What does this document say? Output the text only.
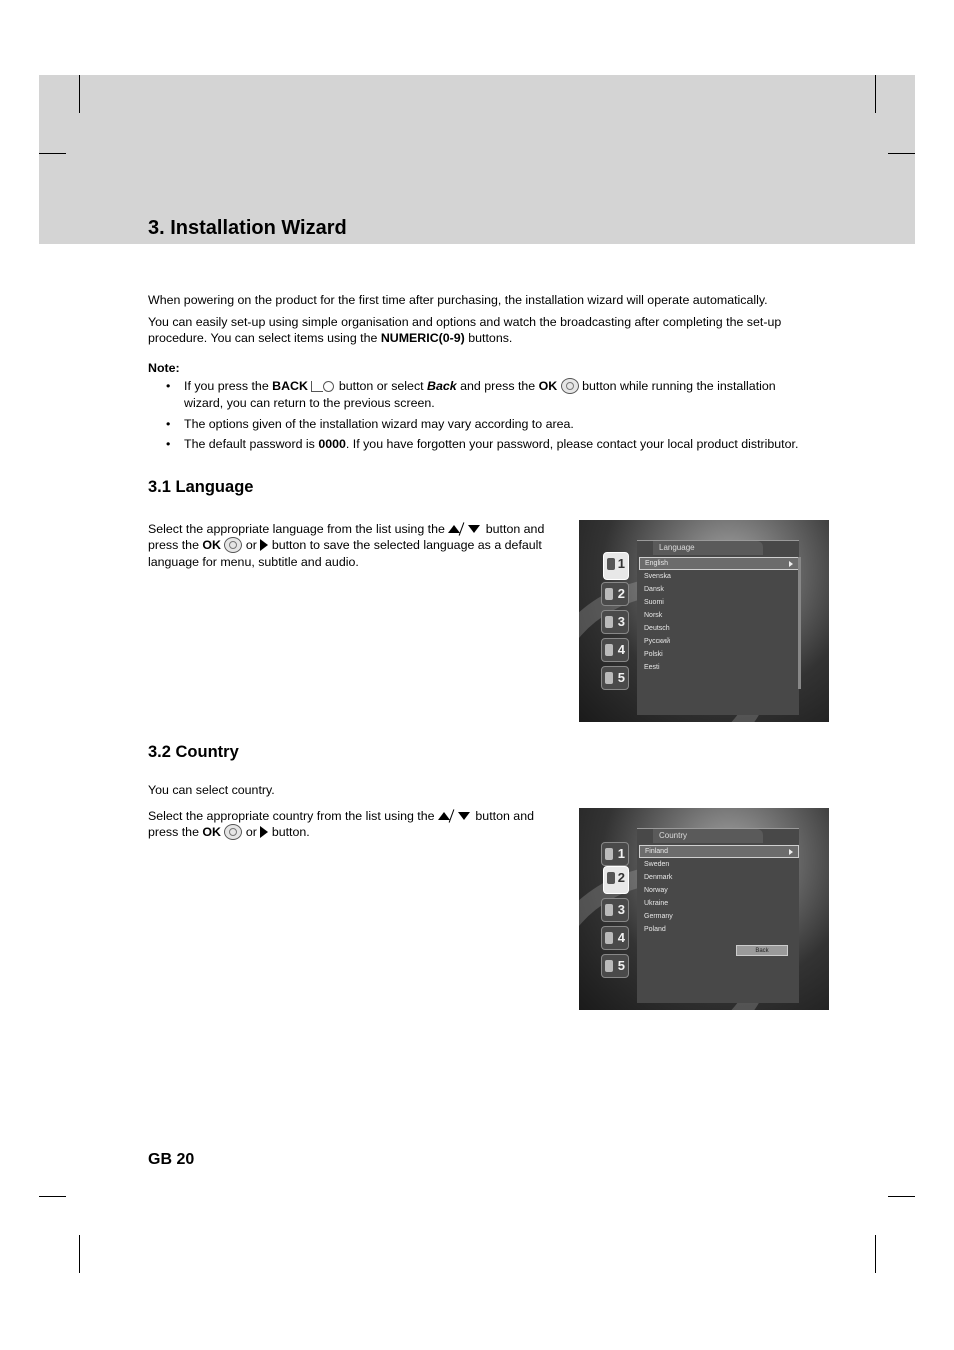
3. Installation Wizard

When powering on the product for the first time after purchasing, the installation wizard will operate automatically.

You can easily set-up using simple organisation and options and watch the broadcasting after completing the set-up procedure. You can select items using the NUMERIC(0-9) buttons.

Note:

• If you press the BACK  button or select Back and press the OK  button while running the installation
wizard, you can return to the previous screen.
• The options given of the installation wizard may vary according to area.
• The default password is 0000. If you have forgotten your password, please contact your local product distributor.
3.1 Language
Select the appropriate language from the list using the	button and
press the OK  or  button to save the selected language as a default
language for menu, subtitle and audio.	1
2
3
4
5
Language
English
Svenska
Dansk
Suomi
Norsk
Deutsch
Русский
Polski
Eesti
3.2 Country

You can select country.

Select the appropriate country from the list using the	button and
press the OK  or  button.
1
2
3
4
5
Country
Finland
Sweden
Denmark
Norway
Ukraine
Germany
Poland
Back
GB 20
